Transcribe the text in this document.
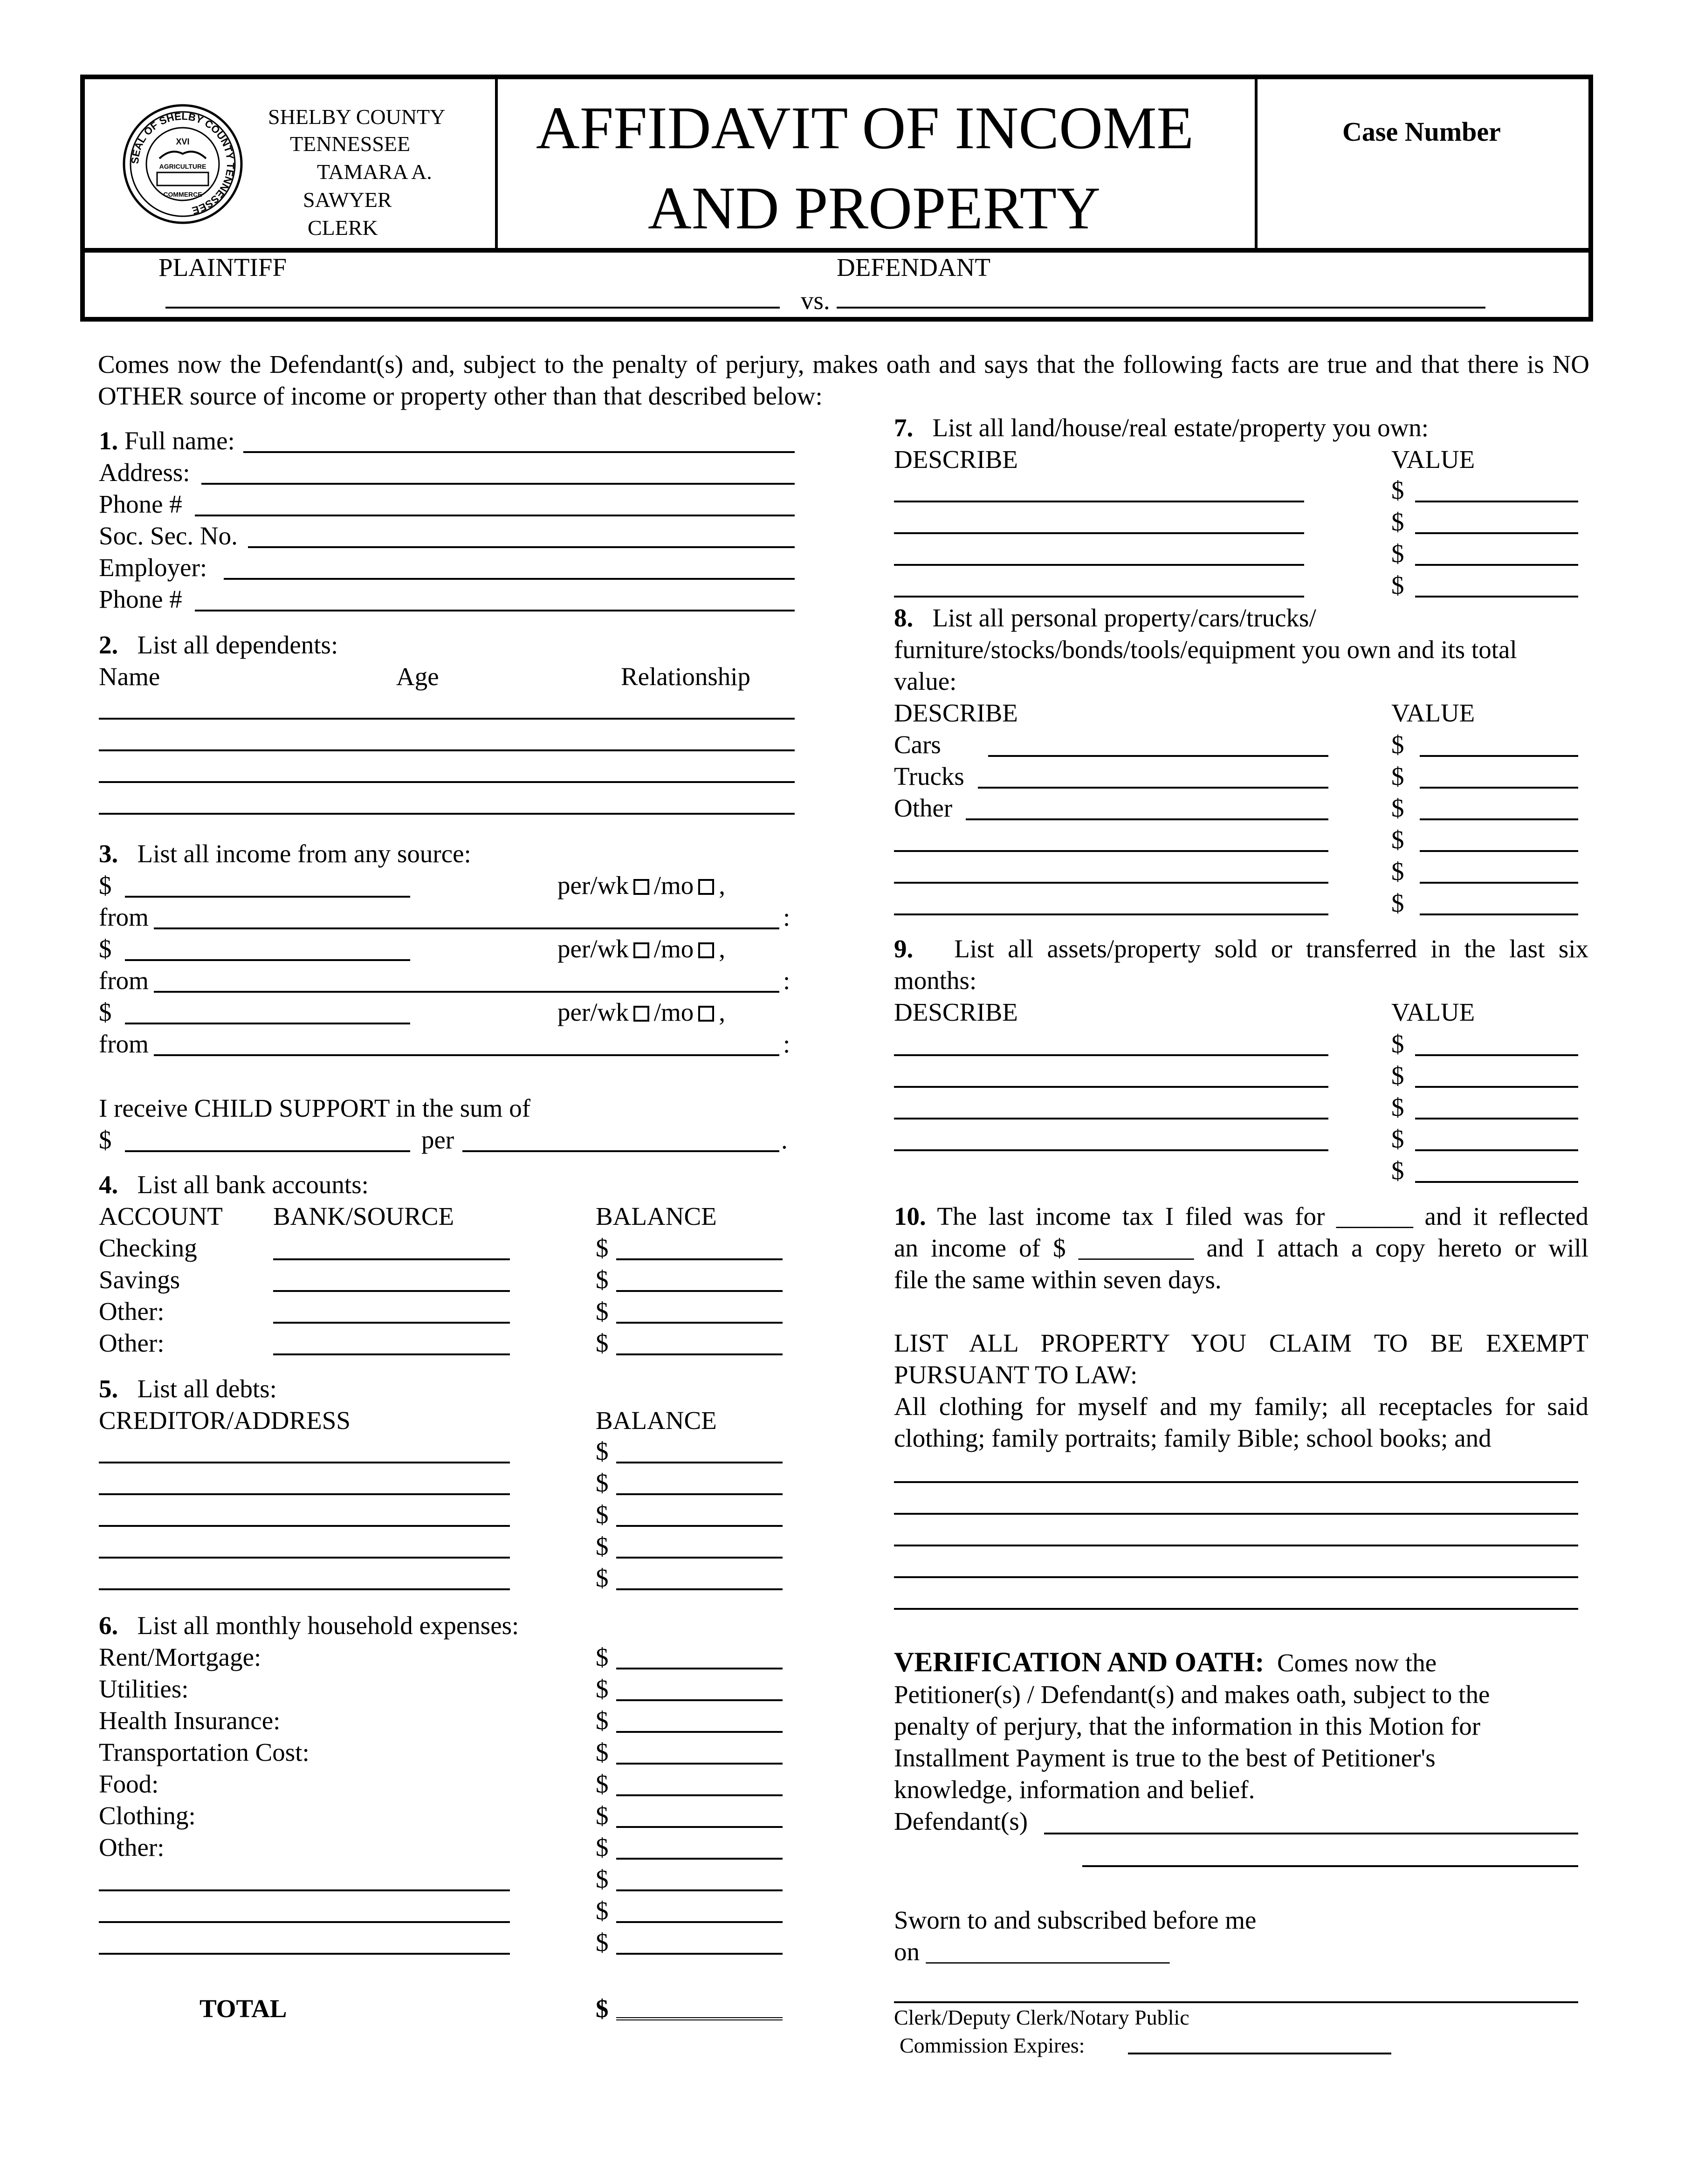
SEAL OF SHELBY COUNTY TENNESSEE
XVI
AGRICULTURE
COMMERCE
SHELBY COUNTY
TENNESSEE
TAMARA A.
SAWYER
CLERK
AFFIDAVIT OF INCOME
AND PROPERTY
Case Number
PLAINTIFF	DEFENDANT
vs.
Comes now the Defendant(s) and, subject to the penalty of perjury, makes oath and says that the following facts are true and that there is NO OTHER source of income or property other than that described below:
1. Full name:
Address:
Phone #
Soc. Sec. No.
Employer:
Phone #
2. List all dependents:
Name	Age	Relationship
3. List all income from any source:
$	per/wk /mo ,
from	:
$	per/wk /mo ,
from	:
$	per/wk /mo ,
from	:
I receive CHILD SUPPORT in the sum of
$	per	.
4. List all bank accounts:
ACCOUNT BANK/SOURCE	BALANCE
Checking	$
Savings	$
Other:	$
Other:	$
5. List all debts:
CREDITOR/ADDRESS	BALANCE
$
$
$
$
$
6. List all monthly household expenses:
Rent/Mortgage:	$
Utilities:	$
Health Insurance:	$
Transportation Cost:	$
Food:	$
Clothing:	$
Other:	$
$
$
$
TOTAL	$
7. List all land/house/real estate/property you own:
DESCRIBE	VALUE
$
$
$
$
8. List all personal property/cars/trucks/
furniture/stocks/bonds/tools/equipment you own and its total
value:
DESCRIBE	VALUE
Cars	$
Trucks	$
Other	$
$
$
$
9. List all assets/property sold or transferred in the last six
months:
DESCRIBE	VALUE
$
$
$
$
$
10. The last income tax I filed was for ______ and it reflected
an income of $ _________ and I attach a copy hereto or will
file the same within seven days.
LIST ALL PROPERTY YOU CLAIM TO BE EXEMPT
PURSUANT TO LAW:
All clothing for myself and my family; all receptacles for said
clothing; family portraits; family Bible; school books; and
VERIFICATION AND OATH: Comes now the
Petitioner(s) / Defendant(s) and makes oath, subject to the
penalty of perjury, that the information in this Motion for
Installment Payment is true to the best of Petitioner's
knowledge, information and belief.
Defendant(s)
Sworn to and subscribed before me
on ___________________
Clerk/Deputy Clerk/Notary Public
Commission Expires:
